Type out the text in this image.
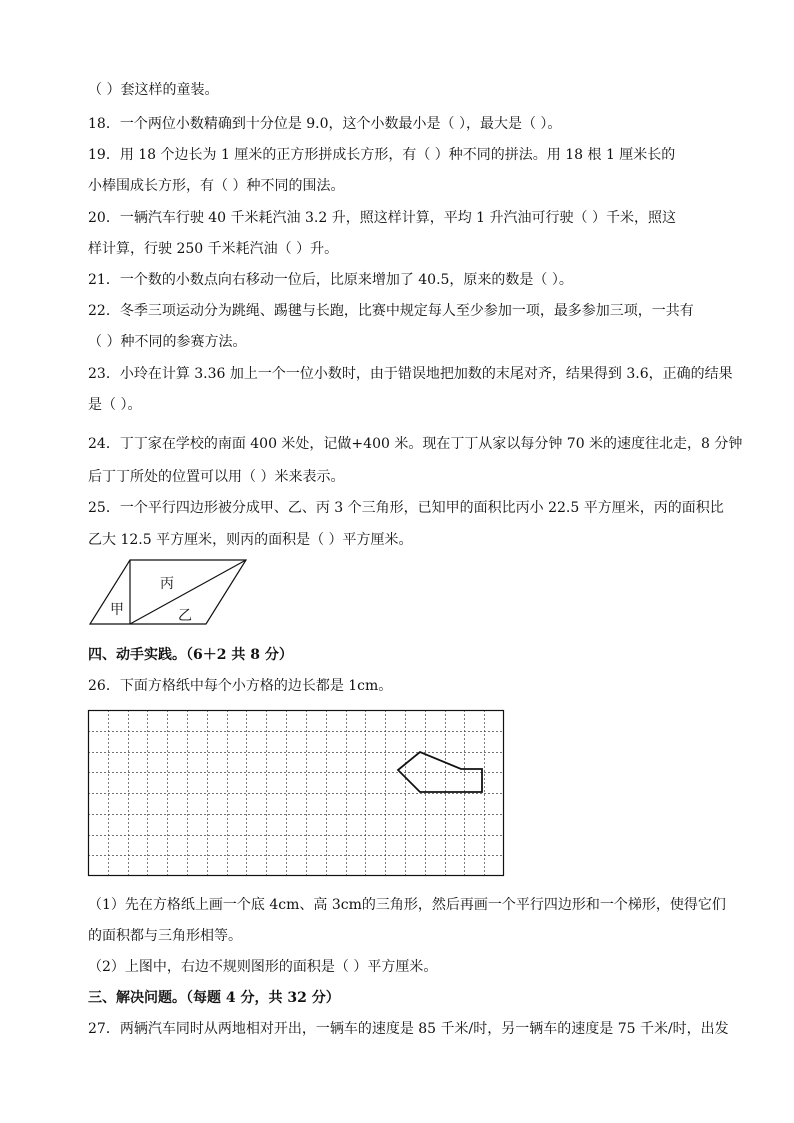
（ ）套这样的童装。
18．一个两位小数精确到十分位是 9.0，这个小数最小是（ ），最大是（ ）。
19．用 18 个边长为 1 厘米的正方形拼成长方形，有（ ）种不同的拼法。用 18 根 1 厘米长的
小棒围成长方形，有（ ）种不同的围法。
20．一辆汽车行驶 40 千米耗汽油 3.2 升，照这样计算，平均 1 升汽油可行驶（ ）千米，照这
样计算，行驶 250 千米耗汽油（ ）升。
21．一个数的小数点向右移动一位后，比原来增加了 40.5，原来的数是（ ）。
22．冬季三项运动分为跳绳、踢毽与长跑，比赛中规定每人至少参加一项，最多参加三项，一共有
（ ）种不同的参赛方法。
23．小玲在计算 3.36 加上一个一位小数时，由于错误地把加数的末尾对齐，结果得到 3.6，正确的结果
是（ ）。
24．丁丁家在学校的南面 400 米处，记做+400 米。现在丁丁从家以每分钟 70 米的速度往北走，8 分钟
后丁丁所处的位置可以用（ ）米来表示。
25．一个平行四边形被分成甲、乙、丙 3 个三角形，已知甲的面积比丙小 22.5 平方厘米，丙的面积比
乙大 12.5 平方厘米，则丙的面积是（ ）平方厘米。
丙
甲	乙
四、动手实践。（6＋2 共 8 分）
26．下面方格纸中每个小方格的边长都是 1cm。
（1）先在方格纸上画一个底 4cm、高 3cm的三角形，然后再画一个平行四边形和一个梯形，使得它们
的面积都与三角形相等。
（2）上图中，右边不规则图形的面积是（ ）平方厘米。
三、解决问题。（每题 4 分，共 32 分）
27．两辆汽车同时从两地相对开出，一辆车的速度是 85 千米/时，另一辆车的速度是 75 千米/时，出发
